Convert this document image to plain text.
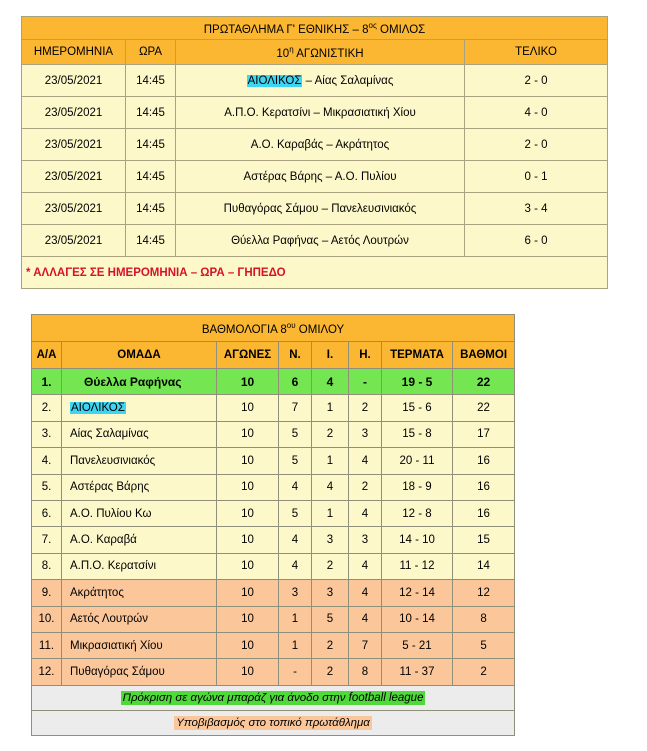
ΠΡΩΤΑΘΛΗΜΑ Γ' ΕΘΝΙΚΗΣ – $8^{o\varsigma}$ ΟΜΙΛΟΣ			
ΗΜΕΡΟΜΗΝΙΑ	ΩΡΑ	$10^\eta$ ΑΓΩΝΙΣΤΙΚΗ	ΤΕΛΙΚΟ
23/05/2021	14:45	ΑΙΟΛΙΚΟΣ – Αίας Σαλαμίνας	2 - 0
23/05/2021	14:45	Α.Π.Ο. Κερατσίνι – Μικρασιατική Χίου	4 - 0
23/05/2021	14:45	Α.Ο. Καραβάς – Ακράτητος	2 - 0
23/05/2021	14:45	Αστέρας Βάρης – Α.Ο. Πυλίου	0 - 1
23/05/2021	14:45	Πυθαγόρας Σάμου – Πανελευσινιακός	3 - 4
23/05/2021	14:45	Θύελλα Ραφήνας – Αετός Λουτρών	6 - 0
* ΑΛΛΑΓΕΣ ΣΕ ΗΜΕΡΟΜΗΝΙΑ – ΩΡΑ – ΓΗΠΕΔΟ			
ΒΑΘΜΟΛΟΓΙΑ $8^{o\upsilon}$ ΟΜΙΛΟΥ							
Α/Α	ΟΜΑΔΑ	ΑΓΩΝΕΣ	Ν.	Ι.	Η.	ΤΕΡΜΑΤΑ	ΒΑΘΜΟΙ
1.	Θύελλα Ραφήνας	10	6	4	-	19 - 5	22
2.	ΑΙΟΛΙΚΟΣ	10	7	1	2	15 - 6	22
3.	Αίας Σαλαμίνας	10	5	2	3	15 - 8	17
4.	Πανελευσινιακός	10	5	1	4	20 - 11	16
5.	Αστέρας Βάρης	10	4	4	2	18 - 9	16
6.	Α.Ο. Πυλίου Κω	10	5	1	4	12 - 8	16
7.	Α.Ο. Καραβά	10	4	3	3	14 - 10	15
8.	Α.Π.Ο. Κερατσίνι	10	4	2	4	11 - 12	14
9.	Ακράτητος	10	3	3	4	12 - 14	12
10.	Αετός Λουτρών	10	1	5	4	10 - 14	8
11.	Μικρασιατική Χίου	10	1	2	7	5 - 21	5
12.	Πυθαγόρας Σάμου	10	-	2	8	11 - 37	2
Πρόκριση σε αγώνα μπαράζ για άνοδο στην football league							
Υποβιβασμός στο τοπικό πρωτάθλημα							
